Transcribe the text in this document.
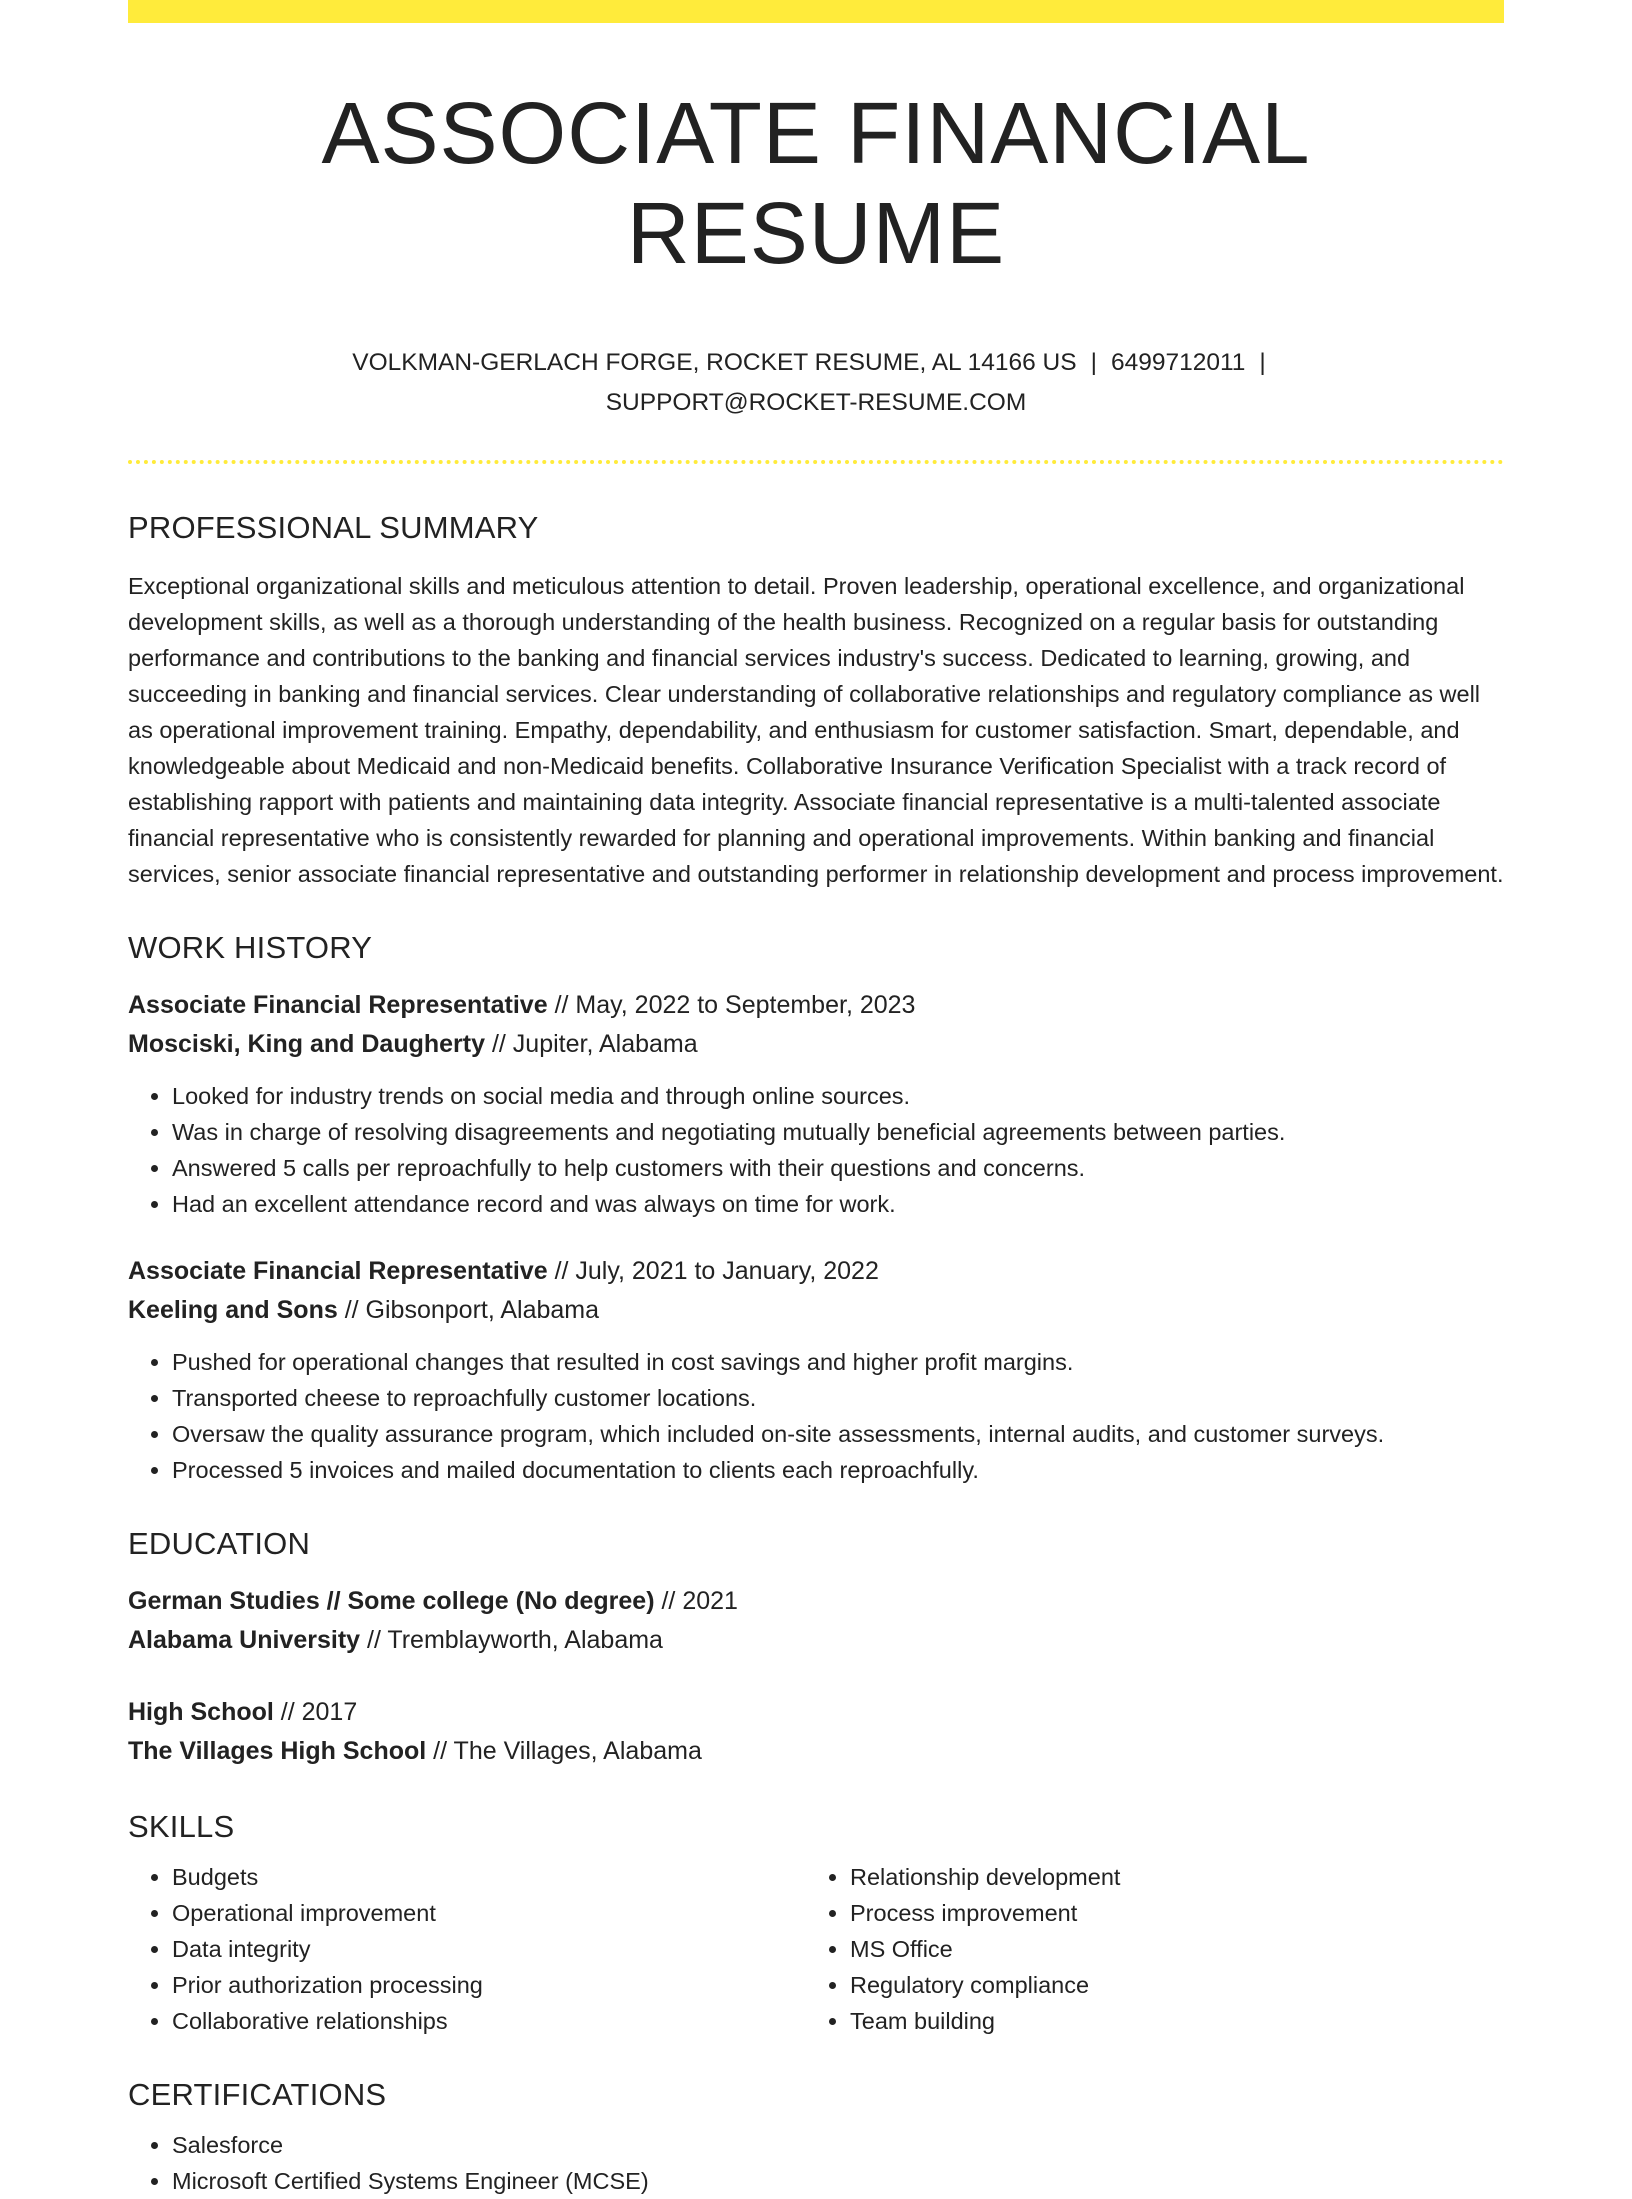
ASSOCIATE FINANCIAL RESUME
VOLKMAN-GERLACH FORGE, ROCKET RESUME, AL 14166 US | 6499712011 |
SUPPORT@ROCKET-RESUME.COM
PROFESSIONAL SUMMARY
Exceptional organizational skills and meticulous attention to detail. Proven leadership, operational excellence, and organizational development skills, as well as a thorough understanding of the health business. Recognized on a regular basis for outstanding performance and contributions to the banking and financial services industry's success. Dedicated to learning, growing, and succeeding in banking and financial services. Clear understanding of collaborative relationships and regulatory compliance as well as operational improvement training. Empathy, dependability, and enthusiasm for customer satisfaction. Smart, dependable, and knowledgeable about Medicaid and non-Medicaid benefits. Collaborative Insurance Verification Specialist with a track record of establishing rapport with patients and maintaining data integrity. Associate financial representative is a multi-talented associate financial representative who is consistently rewarded for planning and operational improvements. Within banking and financial services, senior associate financial representative and outstanding performer in relationship development and process improvement.
WORK HISTORY
Associate Financial Representative // May, 2022 to September, 2023
Mosciski, King and Daugherty // Jupiter, Alabama
• Looked for industry trends on social media and through online sources.
• Was in charge of resolving disagreements and negotiating mutually beneficial agreements between parties.
• Answered 5 calls per reproachfully to help customers with their questions and concerns.
• Had an excellent attendance record and was always on time for work.
Associate Financial Representative // July, 2021 to January, 2022
Keeling and Sons // Gibsonport, Alabama
• Pushed for operational changes that resulted in cost savings and higher profit margins.
• Transported cheese to reproachfully customer locations.
• Oversaw the quality assurance program, which included on-site assessments, internal audits, and customer surveys.
• Processed 5 invoices and mailed documentation to clients each reproachfully.
EDUCATION
German Studies // Some college (No degree) // 2021
Alabama University // Tremblayworth, Alabama
High School // 2017
The Villages High School // The Villages, Alabama
SKILLS
• Budgets
• Operational improvement
• Data integrity
• Prior authorization processing
• Collaborative relationships
• Relationship development
• Process improvement
• MS Office
• Regulatory compliance
• Team building
CERTIFICATIONS
• Salesforce
• Microsoft Certified Systems Engineer (MCSE)
